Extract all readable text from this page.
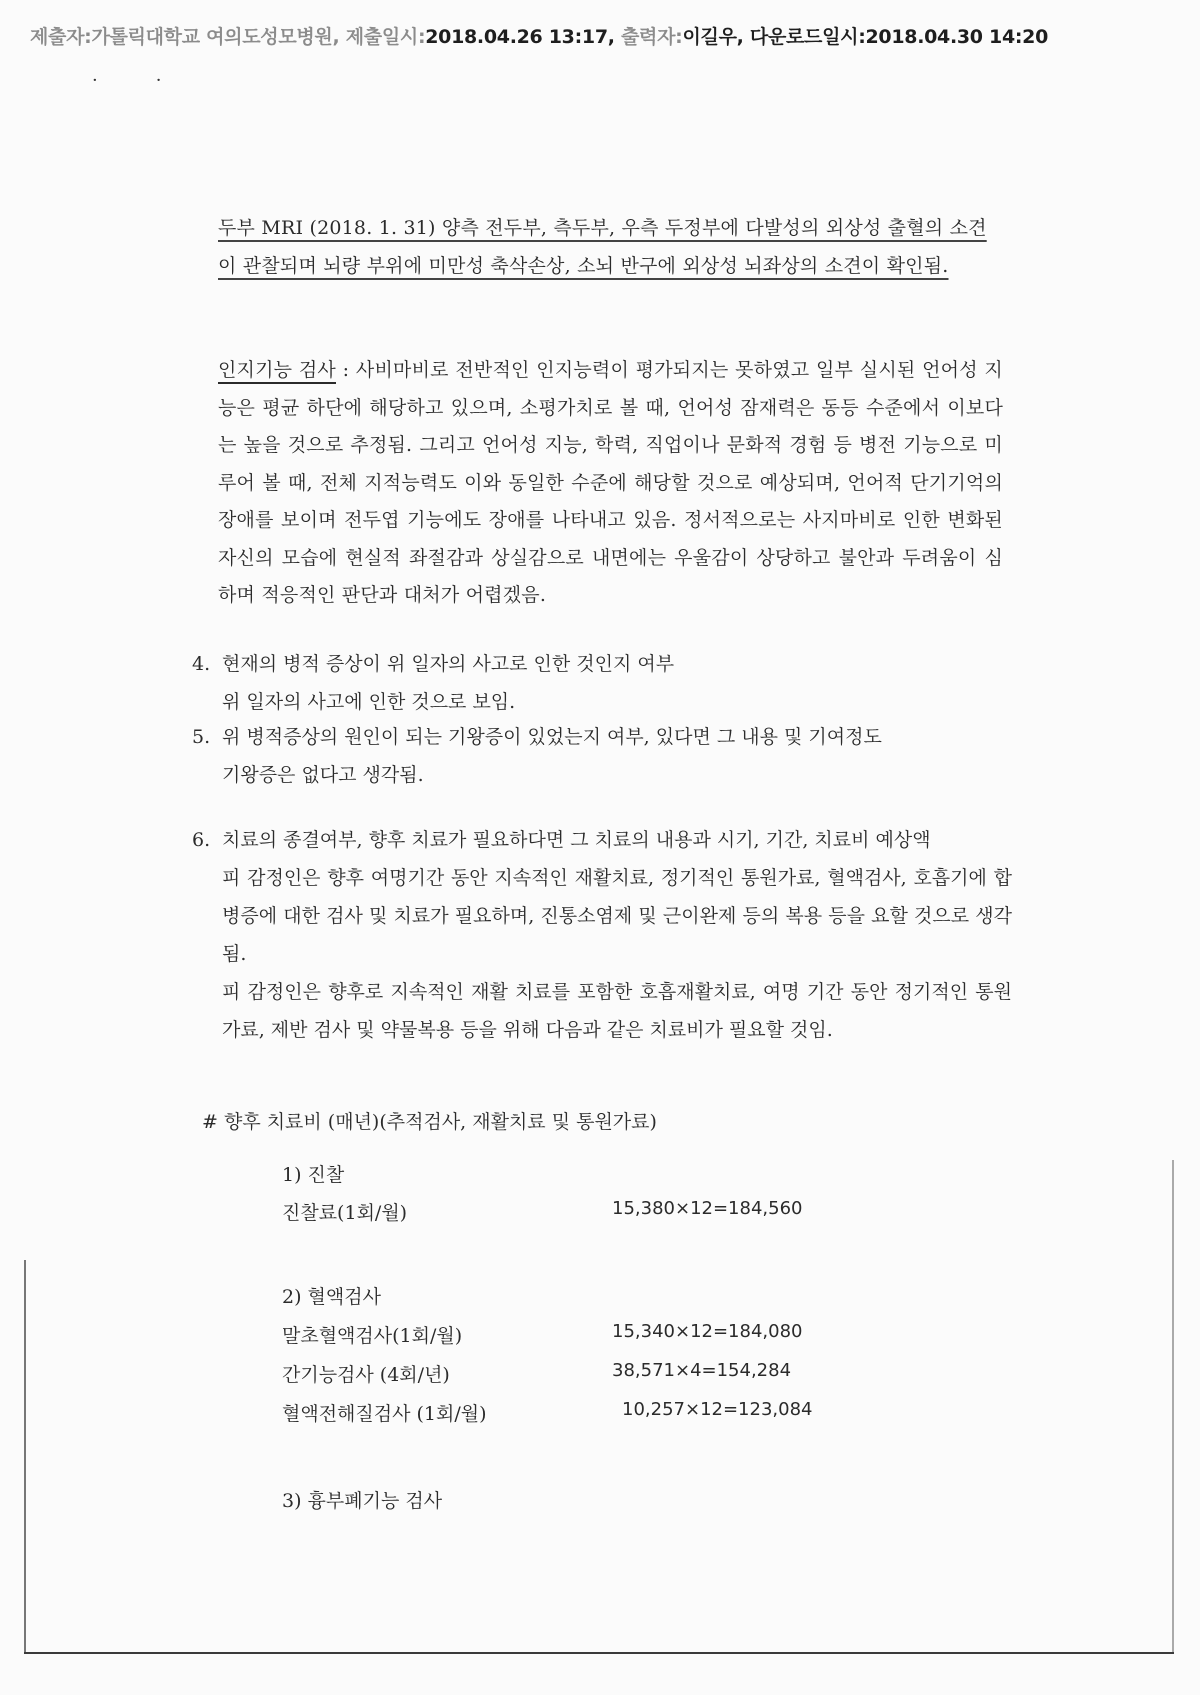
제출자:가톨릭대학교 여의도성모병원, 제출일시:2018.04.26 13:17, 출력자:이길우, 다운로드일시:2018.04.30 14:20
··
두부 MRI (2018. 1. 31) 양측 전두부, 측두부, 우측 두정부에 다발성의 외상성 출혈의 소견이 관찰되며 뇌량 부위에 미만성 축삭손상, 소뇌 반구에 외상성 뇌좌상의 소견이 확인됨.
인지기능 검사 : 사비마비로 전반적인 인지능력이 평가되지는 못하였고 일부 실시된 언어성 지능은 평균 하단에 해당하고 있으며, 소평가치로 볼 때, 언어성 잠재력은 동등 수준에서 이보다는 높을 것으로 추정됨. 그리고 언어성 지능, 학력, 직업이나 문화적 경험 등 병전 기능으로 미루어 볼 때, 전체 지적능력도 이와 동일한 수준에 해당할 것으로 예상되며, 언어적 단기기억의 장애를 보이며 전두엽 기능에도 장애를 나타내고 있음. 정서적으로는 사지마비로 인한 변화된 자신의 모습에 현실적 좌절감과 상실감으로 내면에는 우울감이 상당하고 불안과 두려움이 심하며 적응적인 판단과 대처가 어렵겠음.
4. 현재의 병적 증상이 위 일자의 사고로 인한 것인지 여부
위 일자의 사고에 인한 것으로 보임.
5. 위 병적증상의 원인이 되는 기왕증이 있었는지 여부, 있다면 그 내용 및 기여정도
기왕증은 없다고 생각됨.
6. 치료의 종결여부, 향후 치료가 필요하다면 그 치료의 내용과 시기, 기간, 치료비 예상액
피 감정인은 향후 여명기간 동안 지속적인 재활치료, 정기적인 통원가료, 혈액검사, 호흡기에 합병증에 대한 검사 및 치료가 필요하며, 진통소염제 및 근이완제 등의 복용 등을 요할 것으로 생각됨.
피 감정인은 향후로 지속적인 재활 치료를 포함한 호흡재활치료, 여명 기간 동안 정기적인 통원가료, 제반 검사 및 약물복용 등을 위해 다음과 같은 치료비가 필요할 것임.
# 향후 치료비 (매년)(추적검사, 재활치료 및 통원가료)
1) 진찰
진찰료(1회/월)	15,380×12=184,560
2) 혈액검사
말초혈액검사(1회/월)	15,340×12=184,080
간기능검사 (4회/년)	38,571×4=154,284
혈액전해질검사 (1회/월)	10,257×12=123,084
3) 흉부폐기능 검사
